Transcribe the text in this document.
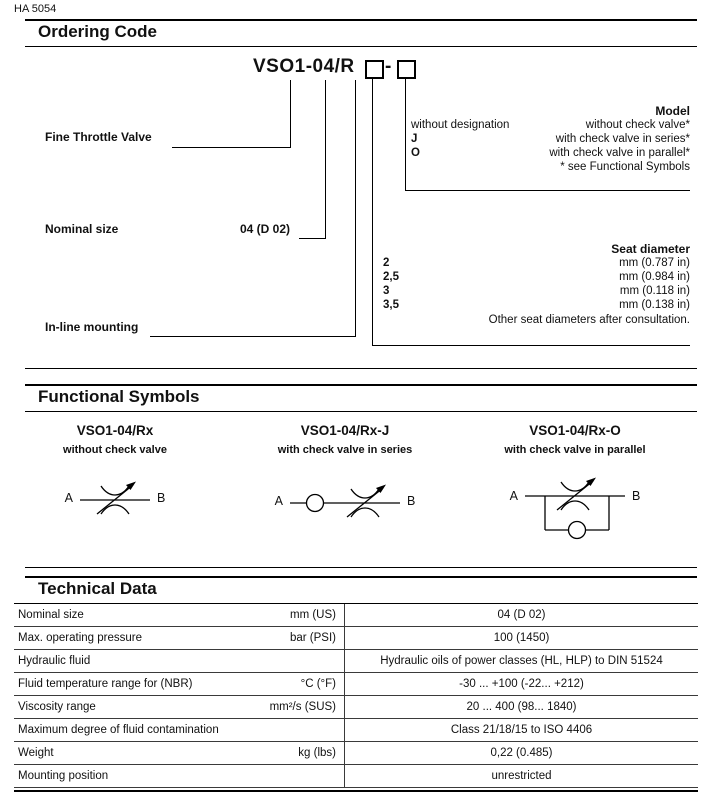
HA 5054
Ordering Code
VSO1-04/R -
Fine Throttle Valve
Nominal size	04 (D 02)
In-line mounting
Model
without designation	without check valve*
J	with check valve in series*
O	with check valve in parallel*
* see Functional Symbols
Seat diameter
2	mm (0.787 in)
2,5	mm (0.984 in)
3	mm (0.118 in)
3,5	mm (0.138 in)
Other seat diameters after consultation.
Functional Symbols
VSO1-04/Rx
without check valve
A	B
VSO1-04/Rx-J
with check valve in series
A	B
VSO1-04/Rx-O
with check valve in parallel
A	B
Technical Data
Nominal size	mm (US)	04 (D 02)
Max. operating pressure	bar (PSI)	100 (1450)
Hydraulic fluid	Hydraulic oils of power classes (HL, HLP) to DIN 51524
Fluid temperature range for (NBR)	°C (°F)	-30 ... +100 (-22... +212)
Viscosity range	mm²/s (SUS)	20 ... 400 (98... 1840)
Maximum degree of fluid contamination	Class 21/18/15 to ISO 4406
Weight	kg (lbs)	0,22 (0.485)
Mounting position	unrestricted
